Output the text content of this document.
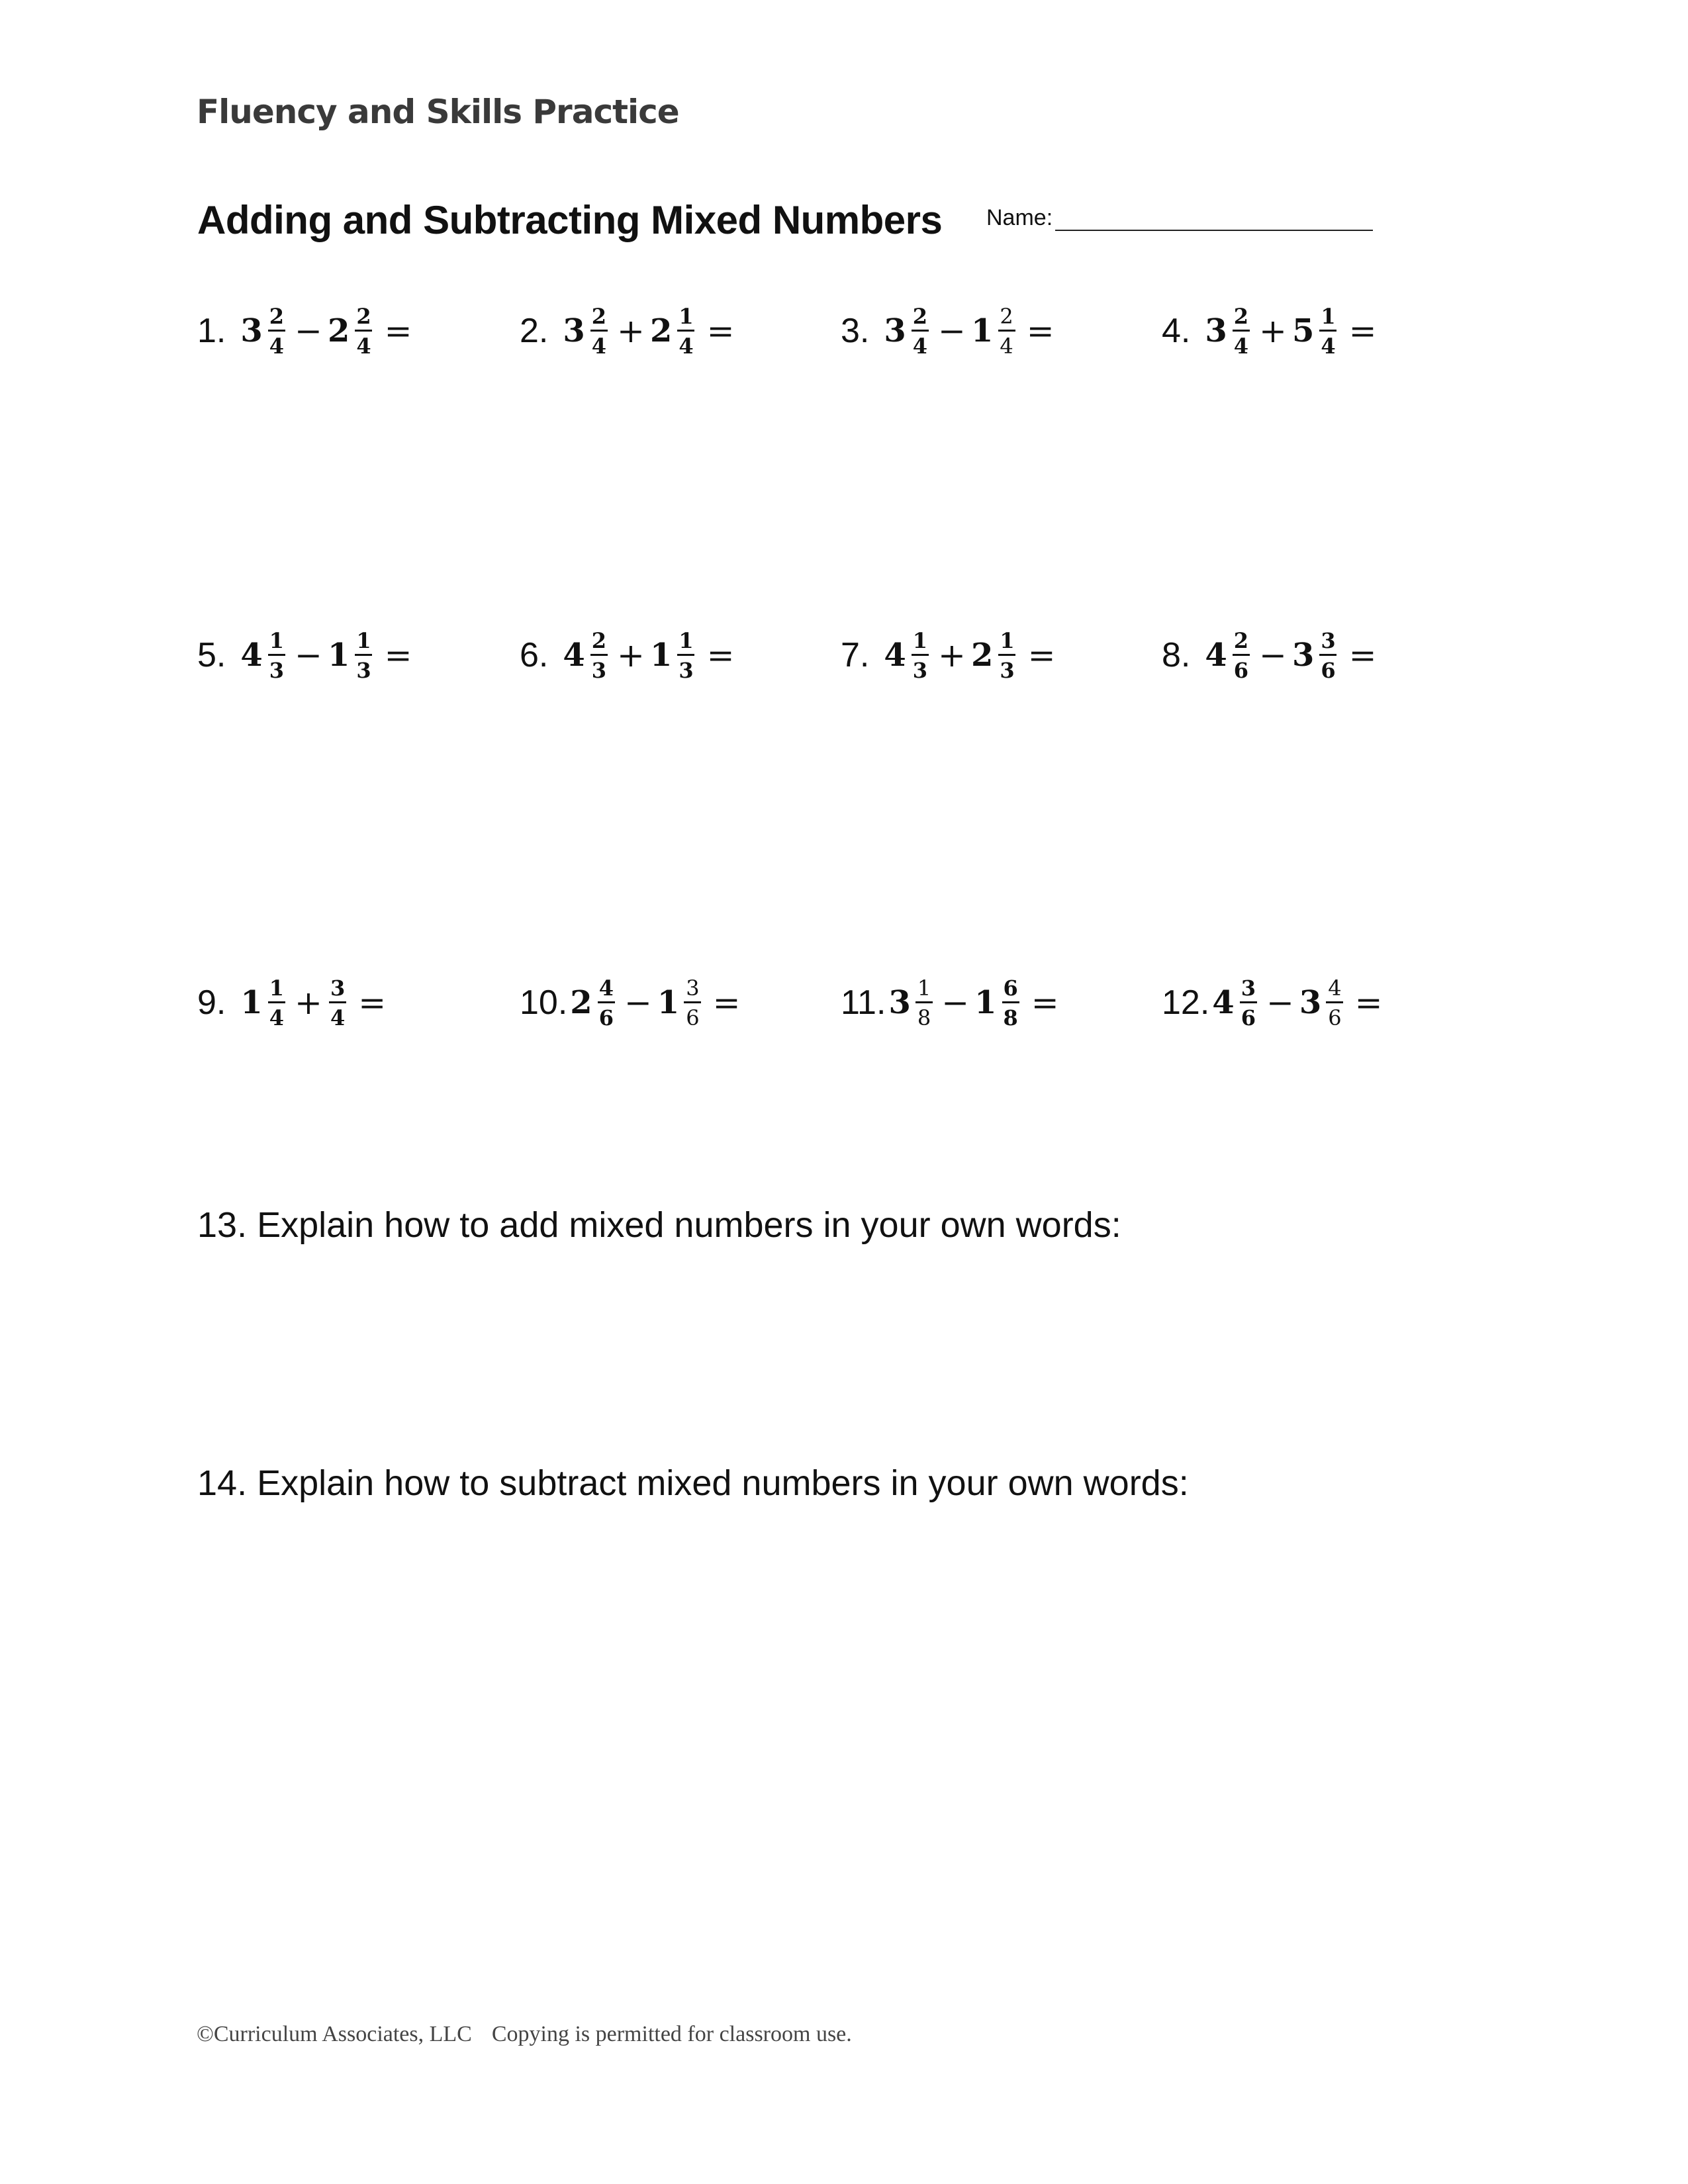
Fluency and Skills Practice
Adding and Subtracting Mixed Numbers Name:
1. $3 \frac{2}{4} - 2 \frac{2}{4}$ =	2. $3 \frac{2}{4} + 2 \frac{1}{4}$ =	3. $3 \frac{2}{4} - 1 \frac{2}{4}$ =	4. $3 \frac{2}{4} + 5 \frac{1}{4}$ =
5. $4 \frac{1}{3} - 1 \frac{1}{3}$ =	6. $4 \frac{2}{3} + 1 \frac{1}{3}$ =	7. $4 \frac{1}{3} + 2 \frac{1}{3}$ =	8. $4 \frac{2}{6} - 3 \frac{3}{6}$ =
9. $1 \frac{1}{4} + \frac{3}{4}$ =	10. $2 \frac{4}{6} - 1 \frac{3}{6}$ =	11. $3 \frac{1}{8} - 1 \frac{6}{8}$ =	12. $4 \frac{3}{6} - 3 \frac{4}{6}$ =
13. Explain how to add mixed numbers in your own words:
14. Explain how to subtract mixed numbers in your own words:
©Curriculum Associates, LLC Copying is permitted for classroom use.
